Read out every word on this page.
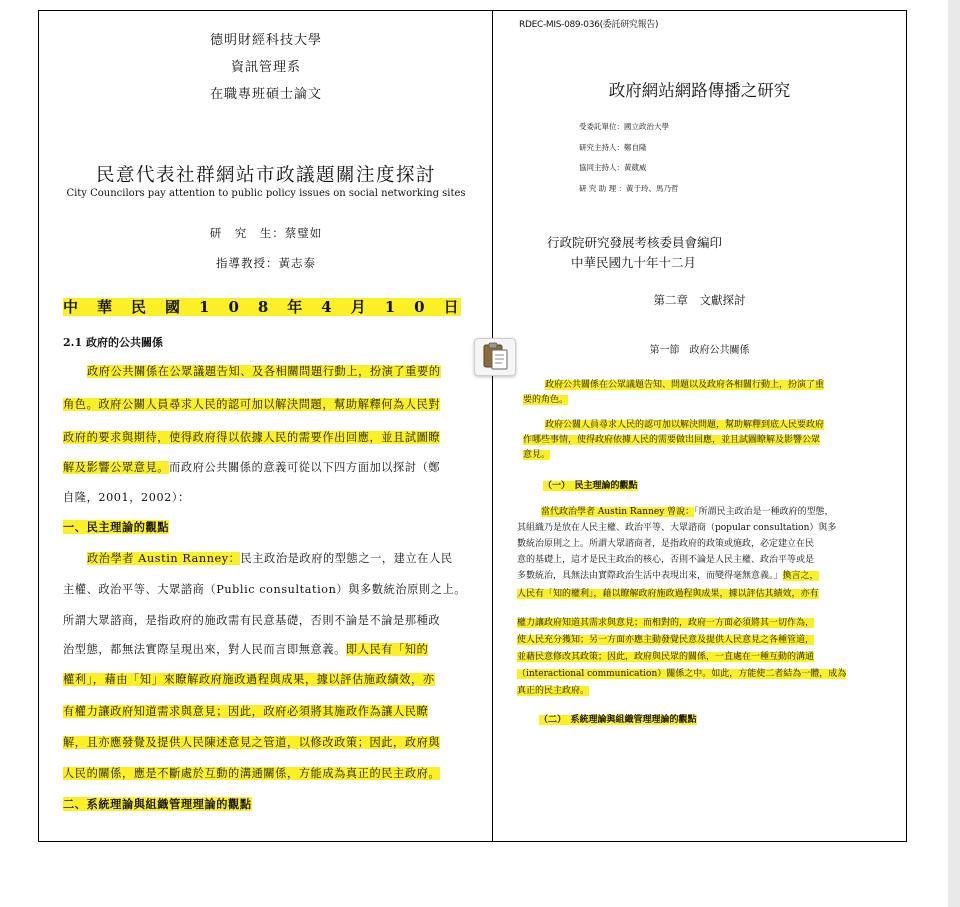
德明財經科技大學
資訊管理系
在職專班碩士論文
民意代表社群網站市政議題關注度探討
City Councilors pay attention to public policy issues on social networking sites
研　究　生：蔡璧如
指導教授：黃志泰
中　華　民　國　1　0　8　年　4　月　1　0　日
2.1 政府的公共關係
政府公共關係在公眾議題告知、及各相關問題行動上，扮演了重要的
角色。政府公關人員尋求人民的認可加以解決問題，幫助解釋何為人民對
政府的要求與期待，使得政府得以依據人民的需要作出回應，並且試圖瞭
解及影響公眾意見。而政府公共關係的意義可從以下四方面加以探討（鄭
自隆，2001，2002）：
一、民主理論的觀點
政治學者 Austin Ranney：民主政治是政府的型態之一，建立在人民
主權、政治平等、大眾諮商（Public consultation）與多數統治原則之上。
所謂大眾諮商，是指政府的施政需有民意基礎，否則不論是不論是那種政
治型態，都無法實際呈現出來，對人民而言即無意義。即人民有「知的
權利」，藉由「知」來瞭解政府施政過程與成果，據以評估施政績效，亦
有權力讓政府知道需求與意見；因此，政府必須將其施政作為讓人民瞭
解，且亦應發覺及提供人民陳述意見之管道，以修改政策；因此，政府與
人民的關係，應是不斷處於互動的溝通關係，方能成為真正的民主政府。
二、系統理論與組織管理理論的觀點
RDEC-MIS-089-036(委託研究報告)
政府網站網路傳播之研究
受委託單位：國立政治大學
研究主持人：鄭自隆
協同主持人：黃葳威
研 究 助 理 ：黃于玲、馬乃哲
行政院研究發展考核委員會編印
中華民國九十年十二月
第二章　文獻探討
第一節　政府公共關係
政府公共關係在公眾議題告知、問題以及政府各相關行動上，扮演了重
要的角色。
政府公關人員尋求人民的認可加以解決問題，幫助解釋到底人民要政府
作哪些事情，使得政府依據人民的需要做出回應，並且試圖瞭解及影響公眾
意見。
（一）　民主理論的觀點
當代政治學者 Austin Ranney 曾說：「所謂民主政治是一種政府的型態，
其組織乃是放在人民主權、政治平等、大眾諮商（popular consultation）與多
數統治原則之上。所謂大眾諮商者，是指政府的政策或施政，必定建立在民
意的基礎上，這才是民主政治的核心，否則不論是人民主權、政治平等或是
多數統治，具無法由實際政治生活中表現出來，而變得毫無意義。」換言之，
人民有「知的權利」，藉以瞭解政府施政過程與成果，據以評估其績效，亦有
權力讓政府知道其需求與意見；而相對的，政府一方面必須將其一切作為，
使人民充分獲知；另一方面亦應主動發覺民意及提供人民意見之各種管道，
並藉民意修改其政策；因此，政府與民眾的關係，一直處在一種互動的溝通
（interactional communication）關係之中。如此，方能使二者結為一體，成為
真正的民主政府。
（二）　系統理論與組織管理理論的觀點
